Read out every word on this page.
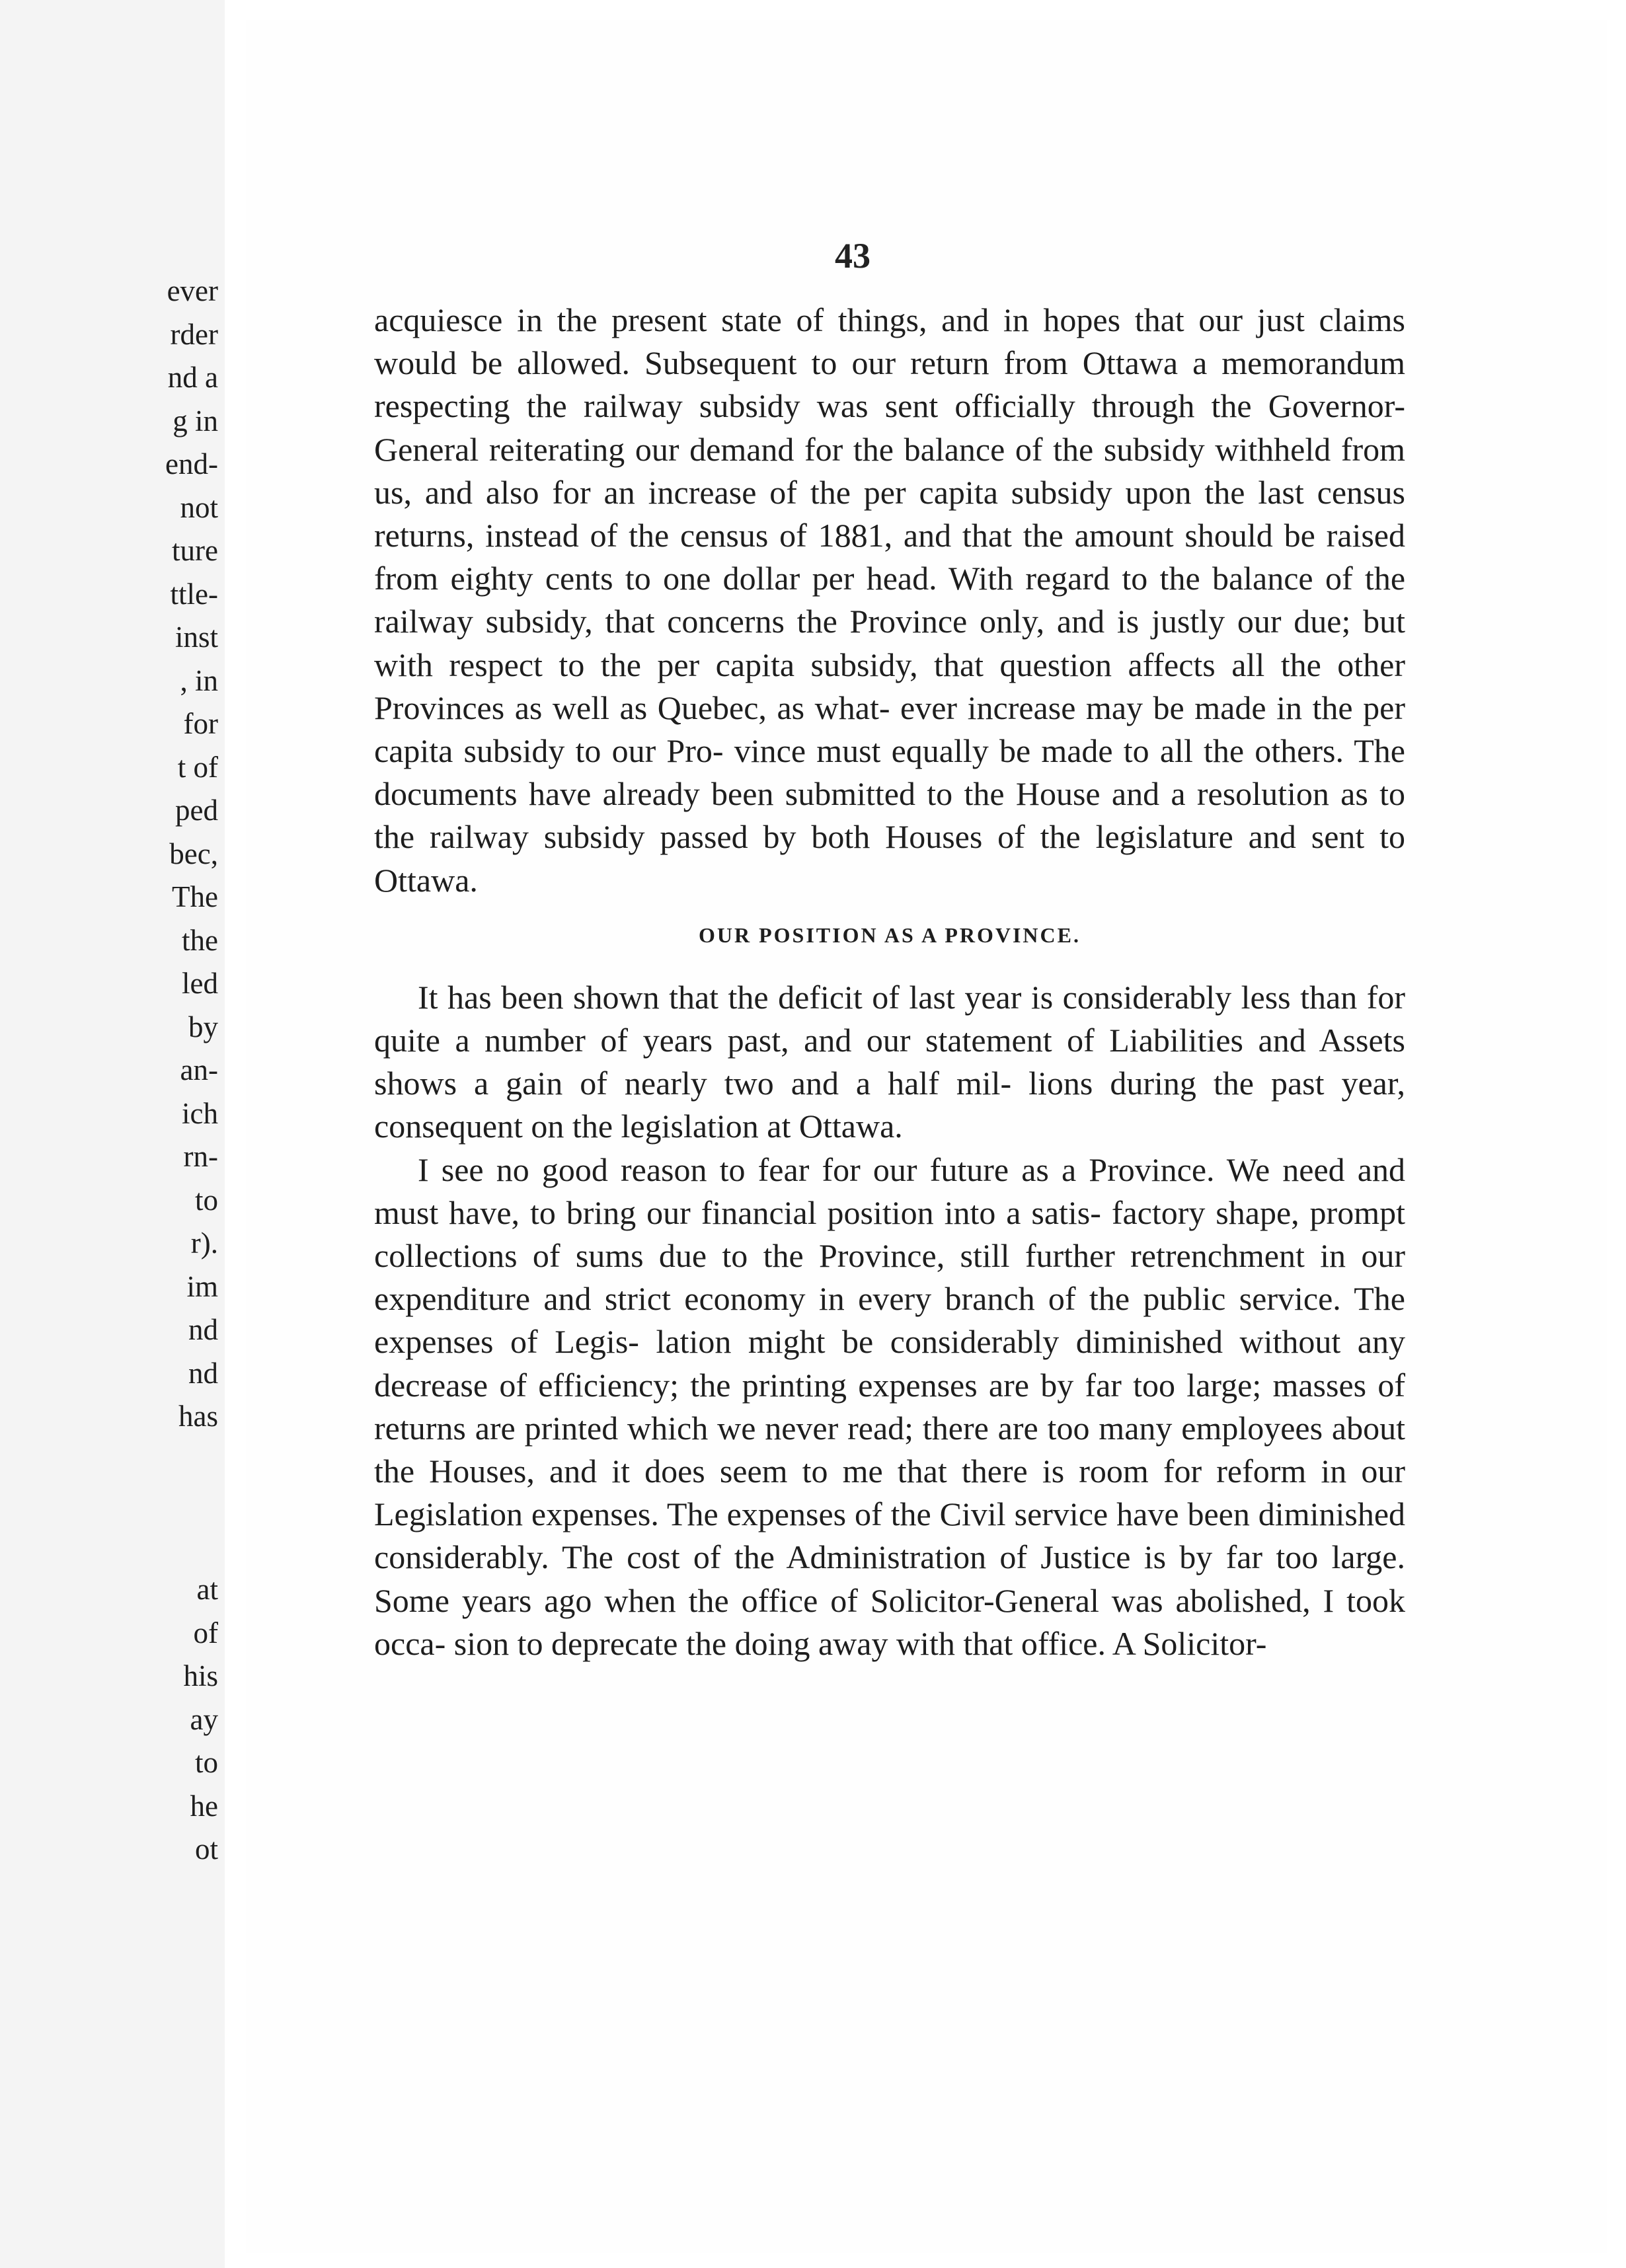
ever
rder
nd a
g in
end-
not
ture
ttle-
inst
, in
for
t of
ped
bec,
The
the
led
by
an-
ich
rn-
to
r).
im
nd
nd
has
at
of
his
ay
to
he
ot
43

acquiesce in the present state of things, and in hopes that our just claims would be allowed. Subsequent to our return from Ottawa a memorandum respecting the railway subsidy was sent officially through the Governor-General reiterating our demand for the balance of the subsidy withheld from us, and also for an increase of the per capita subsidy upon the last census returns, instead of the census of 1881, and that the amount should be raised from eighty cents to one dollar per head. With regard to the balance of the railway subsidy, that concerns the Province only, and is justly our due; but with respect to the per capita subsidy, that question affects all the other Provinces as well as Quebec, as what- ever increase may be made in the per capita subsidy to our Pro- vince must equally be made to all the others. The documents have already been submitted to the House and a resolution as to the railway subsidy passed by both Houses of the legislature and sent to Ottawa.

OUR POSITION AS A PROVINCE.

It has been shown that the deficit of last year is considerably less than for quite a number of years past, and our statement of Liabilities and Assets shows a gain of nearly two and a half mil- lions during the past year, consequent on the legislation at Ottawa.

I see no good reason to fear for our future as a Province. We need and must have, to bring our financial position into a satis- factory shape, prompt collections of sums due to the Province, still further retrenchment in our expenditure and strict economy in every branch of the public service. The expenses of Legis- lation might be considerably diminished without any decrease of efficiency; the printing expenses are by far too large; masses of returns are printed which we never read; there are too many employees about the Houses, and it does seem to me that there is room for reform in our Legislation expenses. The expenses of the Civil service have been diminished considerably. The cost of the Administration of Justice is by far too large. Some years ago when the office of Solicitor-General was abolished, I took occa- sion to deprecate the doing away with that office. A Solicitor-
